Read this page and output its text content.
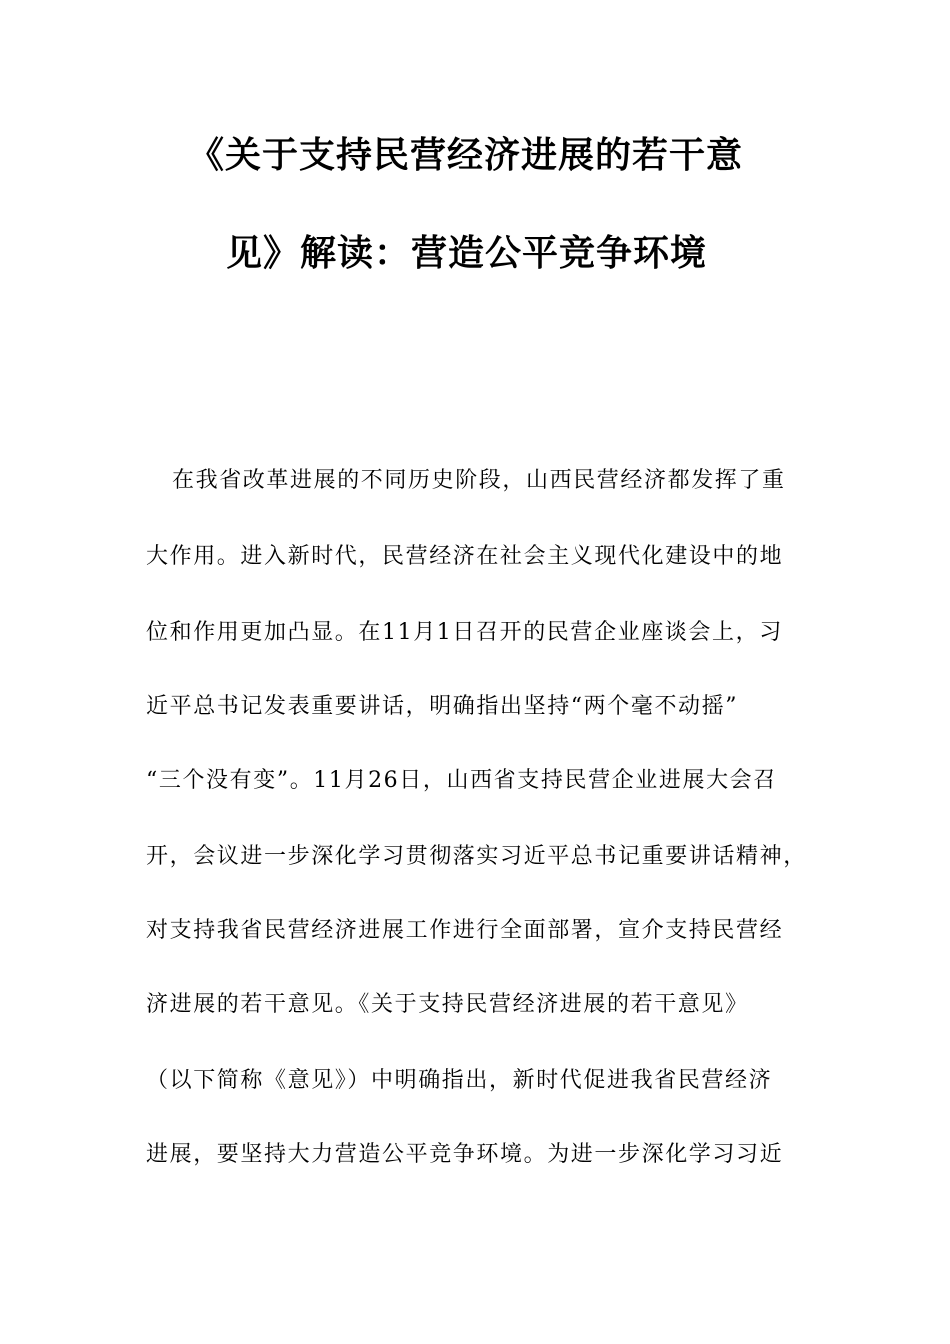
《关于支持民营经济进展的若干意
见》解读：营造公平竞争环境
在我省改革进展的不同历史阶段，山西民营经济都发挥了重
大作用。进入新时代，民营经济在社会主义现代化建设中的地
位和作用更加凸显。在11月1日召开的民营企业座谈会上，习
近平总书记发表重要讲话，明确指出坚持“两个毫不动摇”
“三个没有变”。11月26日，山西省支持民营企业进展大会召
开，会议进一步深化学习贯彻落实习近平总书记重要讲话精神，
对支持我省民营经济进展工作进行全面部署，宣介支持民营经
济进展的若干意见。《关于支持民营经济进展的若干意见》
（以下简称《意见》）中明确指出，新时代促进我省民营经济
进展，要坚持大力营造公平竞争环境。为进一步深化学习习近
